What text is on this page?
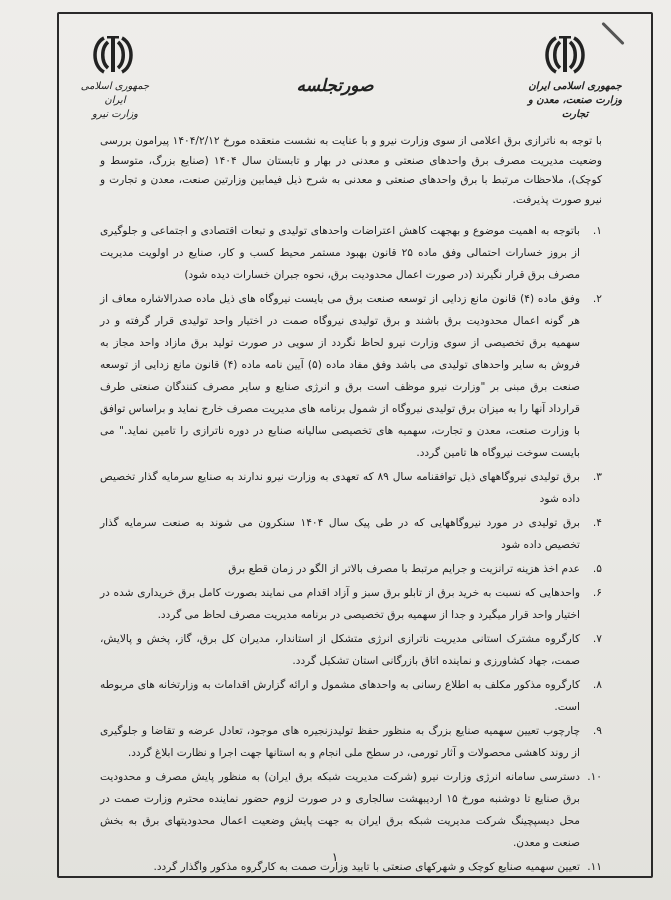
جمهوری اسلامی ایران
وزارت نیرو
جمهوری اسلامی ایران
وزارت صنعت، معدن و تجارت
صورتجلسه

با توجه به ناترازی برق اعلامی از سوی وزارت نیرو و با عنایت به نشست منعقده مورخ ۱۴۰۴/۲/۱۲ پیرامون بررسی وضعیت مدیریت مصرف برق واحدهای صنعتی و معدنی در بهار و تابستان سال ۱۴۰۴ (صنایع بزرگ، متوسط و کوچک)، ملاحظات مرتبط با برق واحدهای صنعتی و معدنی به شرح ذیل فیمابین وزارتین صنعت، معدن و تجارت و نیرو صورت پذیرفت.

۱.
باتوجه به اهمیت موضوع و بهجهت کاهش اعتراضات واحدهای تولیدی و تبعات اقتصادی و اجتماعی و جلوگیری از بروز خسارات احتمالی وفق ماده ۲۵ قانون بهبود مستمر محیط کسب و کار، صنایع در اولویت مدیریت مصرف برق قرار نگیرند (در صورت اعمال محدودیت برق، نحوه جبران خسارات دیده شود)
۲.
وفق ماده (۴) قانون مانع زدایی از توسعه صنعت برق می بایست نیروگاه های ذیل ماده صدرالاشاره معاف از هر گونه اعمال محدودیت برق باشند و برق تولیدی نیروگاه صمت در اختیار واحد تولیدی قرار گرفته و در سهمیه برق تخصیصی از سوی وزارت نیرو لحاظ نگردد از سویی در صورت تولید برق مازاد واحد مجاز به فروش به سایر واحدهای تولیدی می باشد وفق مفاد ماده (۵) آیین نامه ماده (۴) قانون مانع زدایی از توسعه صنعت برق مبنی بر "وزارت نیرو موظف است برق و انرژی صنایع و سایر مصرف کنندگان صنعتی طرف قرارداد آنها را به میزان برق تولیدی نیروگاه از شمول برنامه های مدیریت مصرف خارج نماید و براساس توافق با وزارت صنعت، معدن و تجارت، سهمیه های تخصیصی سالیانه صنایع در دوره ناترازی را تامین نماید." می بایست سوخت نیروگاه ها تامین گردد.
۳.
برق تولیدی نیروگاههای ذیل توافقنامه سال ۸۹ که تعهدی به وزارت نیرو ندارند به صنایع سرمایه گذار تخصیص داده شود
۴.
برق تولیدی در مورد نیروگاههایی که در طی پیک سال ۱۴۰۴ سنکرون می شوند به صنعت سرمایه گذار تخصیص داده شود
۵.
عدم اخذ هزینه ترانزیت و جرایم مرتبط با مصرف بالاتر از الگو در زمان قطع برق
۶.
واحدهایی که نسبت به خرید برق از تابلو برق سبز و آزاد اقدام می نمایند بصورت کامل برق خریداری شده در اختیار واحد قرار میگیرد و جدا از سهمیه برق تخصیصی در برنامه مدیریت مصرف لحاظ می گردد.
۷.
کارگروه مشترک استانی مدیریت ناترازی انرژی متشکل از استاندار، مدیران کل برق، گاز، پخش و پالایش، صمت، جهاد کشاورزی و نماینده اتاق بازرگانی استان تشکیل گردد.
۸.
کارگروه مذکور مکلف به اطلاع رسانی به واحدهای مشمول و ارائه گزارش اقدامات به وزارتخانه های مربوطه است.
۹.
چارچوب تعیین سهمیه صنایع بزرگ به منظور حفظ تولیدزنجیره های موجود، تعادل عرضه و تقاضا و جلوگیری از روند کاهشی محصولات و آثار تورمی، در سطح ملی انجام و به استانها جهت اجرا و نظارت ابلاغ گردد.
۱۰.
دسترسی سامانه انرژی وزارت نیرو (شرکت مدیریت شبکه برق ایران) به منظور پایش مصرف و محدودیت برق صنایع تا دوشنبه مورخ ۱۵ اردیبهشت سالجاری و در صورت لزوم حضور نماینده محترم وزارت صمت در محل دیسپچینگ شرکت مدیریت شبکه برق ایران به جهت پایش وضعیت اعمال محدودیتهای برق به بخش صنعت و معدن.
۱۱.
تعیین سهمیه صنایع کوچک و شهرکهای صنعتی با تایید وزارت صمت به کارگروه مذکور واگذار گردد.
۱
